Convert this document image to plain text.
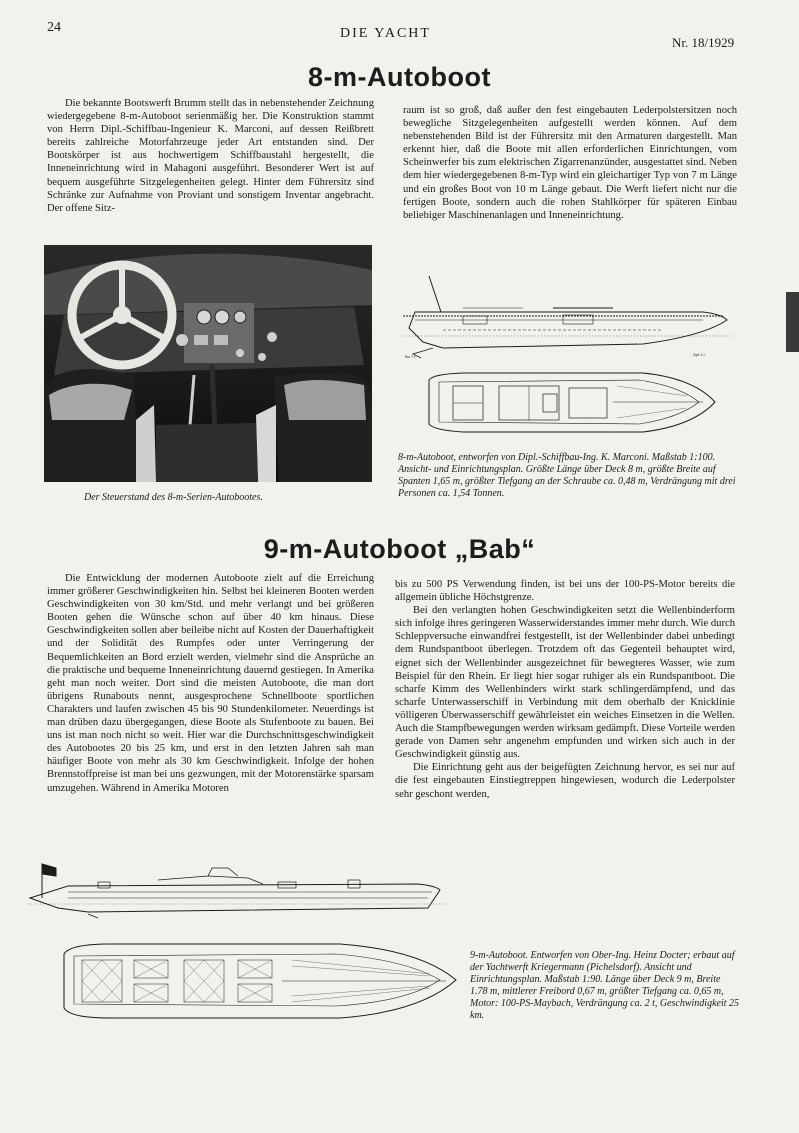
24	DIE YACHT
Nr. 18/1929
8-m-Autoboot

Die bekannte Bootswerft Brumm stellt das in nebenstehender Zeichnung wiedergegebene 8-m-Autoboot serienmäßig her. Die Konstruktion stammt von Herrn Dipl.-Schiffbau-Ingenieur K. Marconi, auf dessen Reißbrett bereits zahlreiche Motorfahrzeuge jeder Art entstanden sind. Der Bootskörper ist aus hochwertigem Schiffbaustahl hergestellt, die Inneneinrichtung wird in Mahagoni ausgeführt. Besonderer Wert ist auf bequem ausgeführte Sitzgelegenheiten gelegt. Hinter dem Führersitz sind Schränke zur Aufnahme von Proviant und sonstigem Inventar angebracht. Der offene Sitz-

raum ist so groß, daß außer den fest eingebauten Lederpolstersitzen noch bewegliche Sitzgelegenheiten aufgestellt werden können. Auf dem nebenstehenden Bild ist der Führersitz mit den Armaturen dargestellt. Man erkennt hier, daß die Boote mit allen erforderlichen Einrichtungen, vom Scheinwerfer bis zum elektrischen Zigarrenanzünder, ausgestattet sind. Neben dem hier wiedergegebenen 8-m-Typ wird ein gleichartiger Typ von 7 m Länge und ein großes Boot von 10 m Länge gebaut. Die Werft liefert nicht nur die fertigen Boote, sondern auch die rohen Stahlkörper für späteren Einbau beliebiger Maschinenanlagen und Inneneinrichtung.

Der Steuerstand des 8-m-Serien-Autobootes.
Bu 7 t	Spt 1 t
8-m-Autoboot, entworfen von Dipl.-Schiffbau-Ing. K. Marconi. Maßstab 1:100. Ansicht- und Einrichtungsplan. Größte Länge über Deck 8 m, größte Breite auf Spanten 1,65 m, größter Tiefgang an der Schraube ca. 0,48 m, Verdrängung mit drei Personen ca. 1,54 Tonnen.
9-m-Autoboot „Bab“

Die Entwicklung der modernen Autoboote zielt auf die Erreichung immer größerer Geschwindigkeiten hin. Selbst bei kleineren Booten werden Geschwindigkeiten von 30 km/Std. und mehr verlangt und bei größeren Booten gehen die Wünsche schon auf über 40 km hinaus. Diese Geschwindigkeiten sollen aber beileibe nicht auf Kosten der Dauerhaftigkeit und der Solidität des Rumpfes oder unter Verringerung der Bequemlichkeiten an Bord erzielt werden, vielmehr sind die Ansprüche an die praktische und bequeme Inneneinrichtung dauernd gestiegen. In Amerika geht man noch weiter. Dort sind die meisten Autoboote, die man dort übrigens Runabouts nennt, ausgesprochene Schnellboote sportlichen Charakters und laufen zwischen 45 bis 90 Stundenkilometer. Neuerdings ist man drüben dazu übergegangen, diese Boote als Stufenboote zu bauen. Bei uns ist man noch nicht so weit. Hier war die Durchschnittsgeschwindigkeit des Autobootes 20 bis 25 km, und erst in den letzten Jahren sah man häufiger Boote von mehr als 30 km Geschwindigkeit. Infolge der hohen Brennstoffpreise ist man bei uns gezwungen, mit der Motorenstärke sparsam umzugehen. Während in Amerika Motoren

bis zu 500 PS Verwendung finden, ist bei uns der 100-PS-Motor bereits die allgemein übliche Höchstgrenze.

Bei den verlangten hohen Geschwindigkeiten setzt die Wellenbinderform sich infolge ihres geringeren Wasserwiderstandes immer mehr durch. Wie durch Schleppversuche einwandfrei festgestellt, ist der Wellenbinder dabei unbedingt dem Rundspantboot überlegen. Trotzdem oft das Gegenteil behauptet wird, eignet sich der Wellenbinder ausgezeichnet für bewegteres Wasser, wie zum Beispiel für den Rhein. Er liegt hier sogar ruhiger als ein Rundspantboot. Die scharfe Kimm des Wellenbinders wirkt stark schlingerdämpfend, und das scharfe Unterwasserschiff in Verbindung mit dem oberhalb der Knicklinie völligeren Überwasserschiff gewährleistet ein weiches Einsetzen in die Wellen. Auch die Stampfbewegungen werden wirksam gedämpft. Diese Vorteile werden gerade von Damen sehr angenehm empfunden und wirken sich auch in der Geschwindigkeit günstig aus.

Die Einrichtung geht aus der beigefügten Zeichnung hervor, es sei nur auf die fest eingebauten Einstiegtreppen hingewiesen, wodurch die Lederpolster sehr geschont werden,

9-m-Autoboot. Entworfen von Ober-Ing. Heinz Docter; erbaut auf der Yachtwerft Kriegermann (Pichelsdorf). Ansicht und Einrichtungsplan. Maßstab 1:90. Länge über Deck 9 m, Breite 1.78 m, mittlerer Freibord 0,67 m, größter Tiefgang ca. 0,65 m, Motor: 100-PS-Maybach, Verdrängung ca. 2 t, Geschwindigkeit 25 km.
